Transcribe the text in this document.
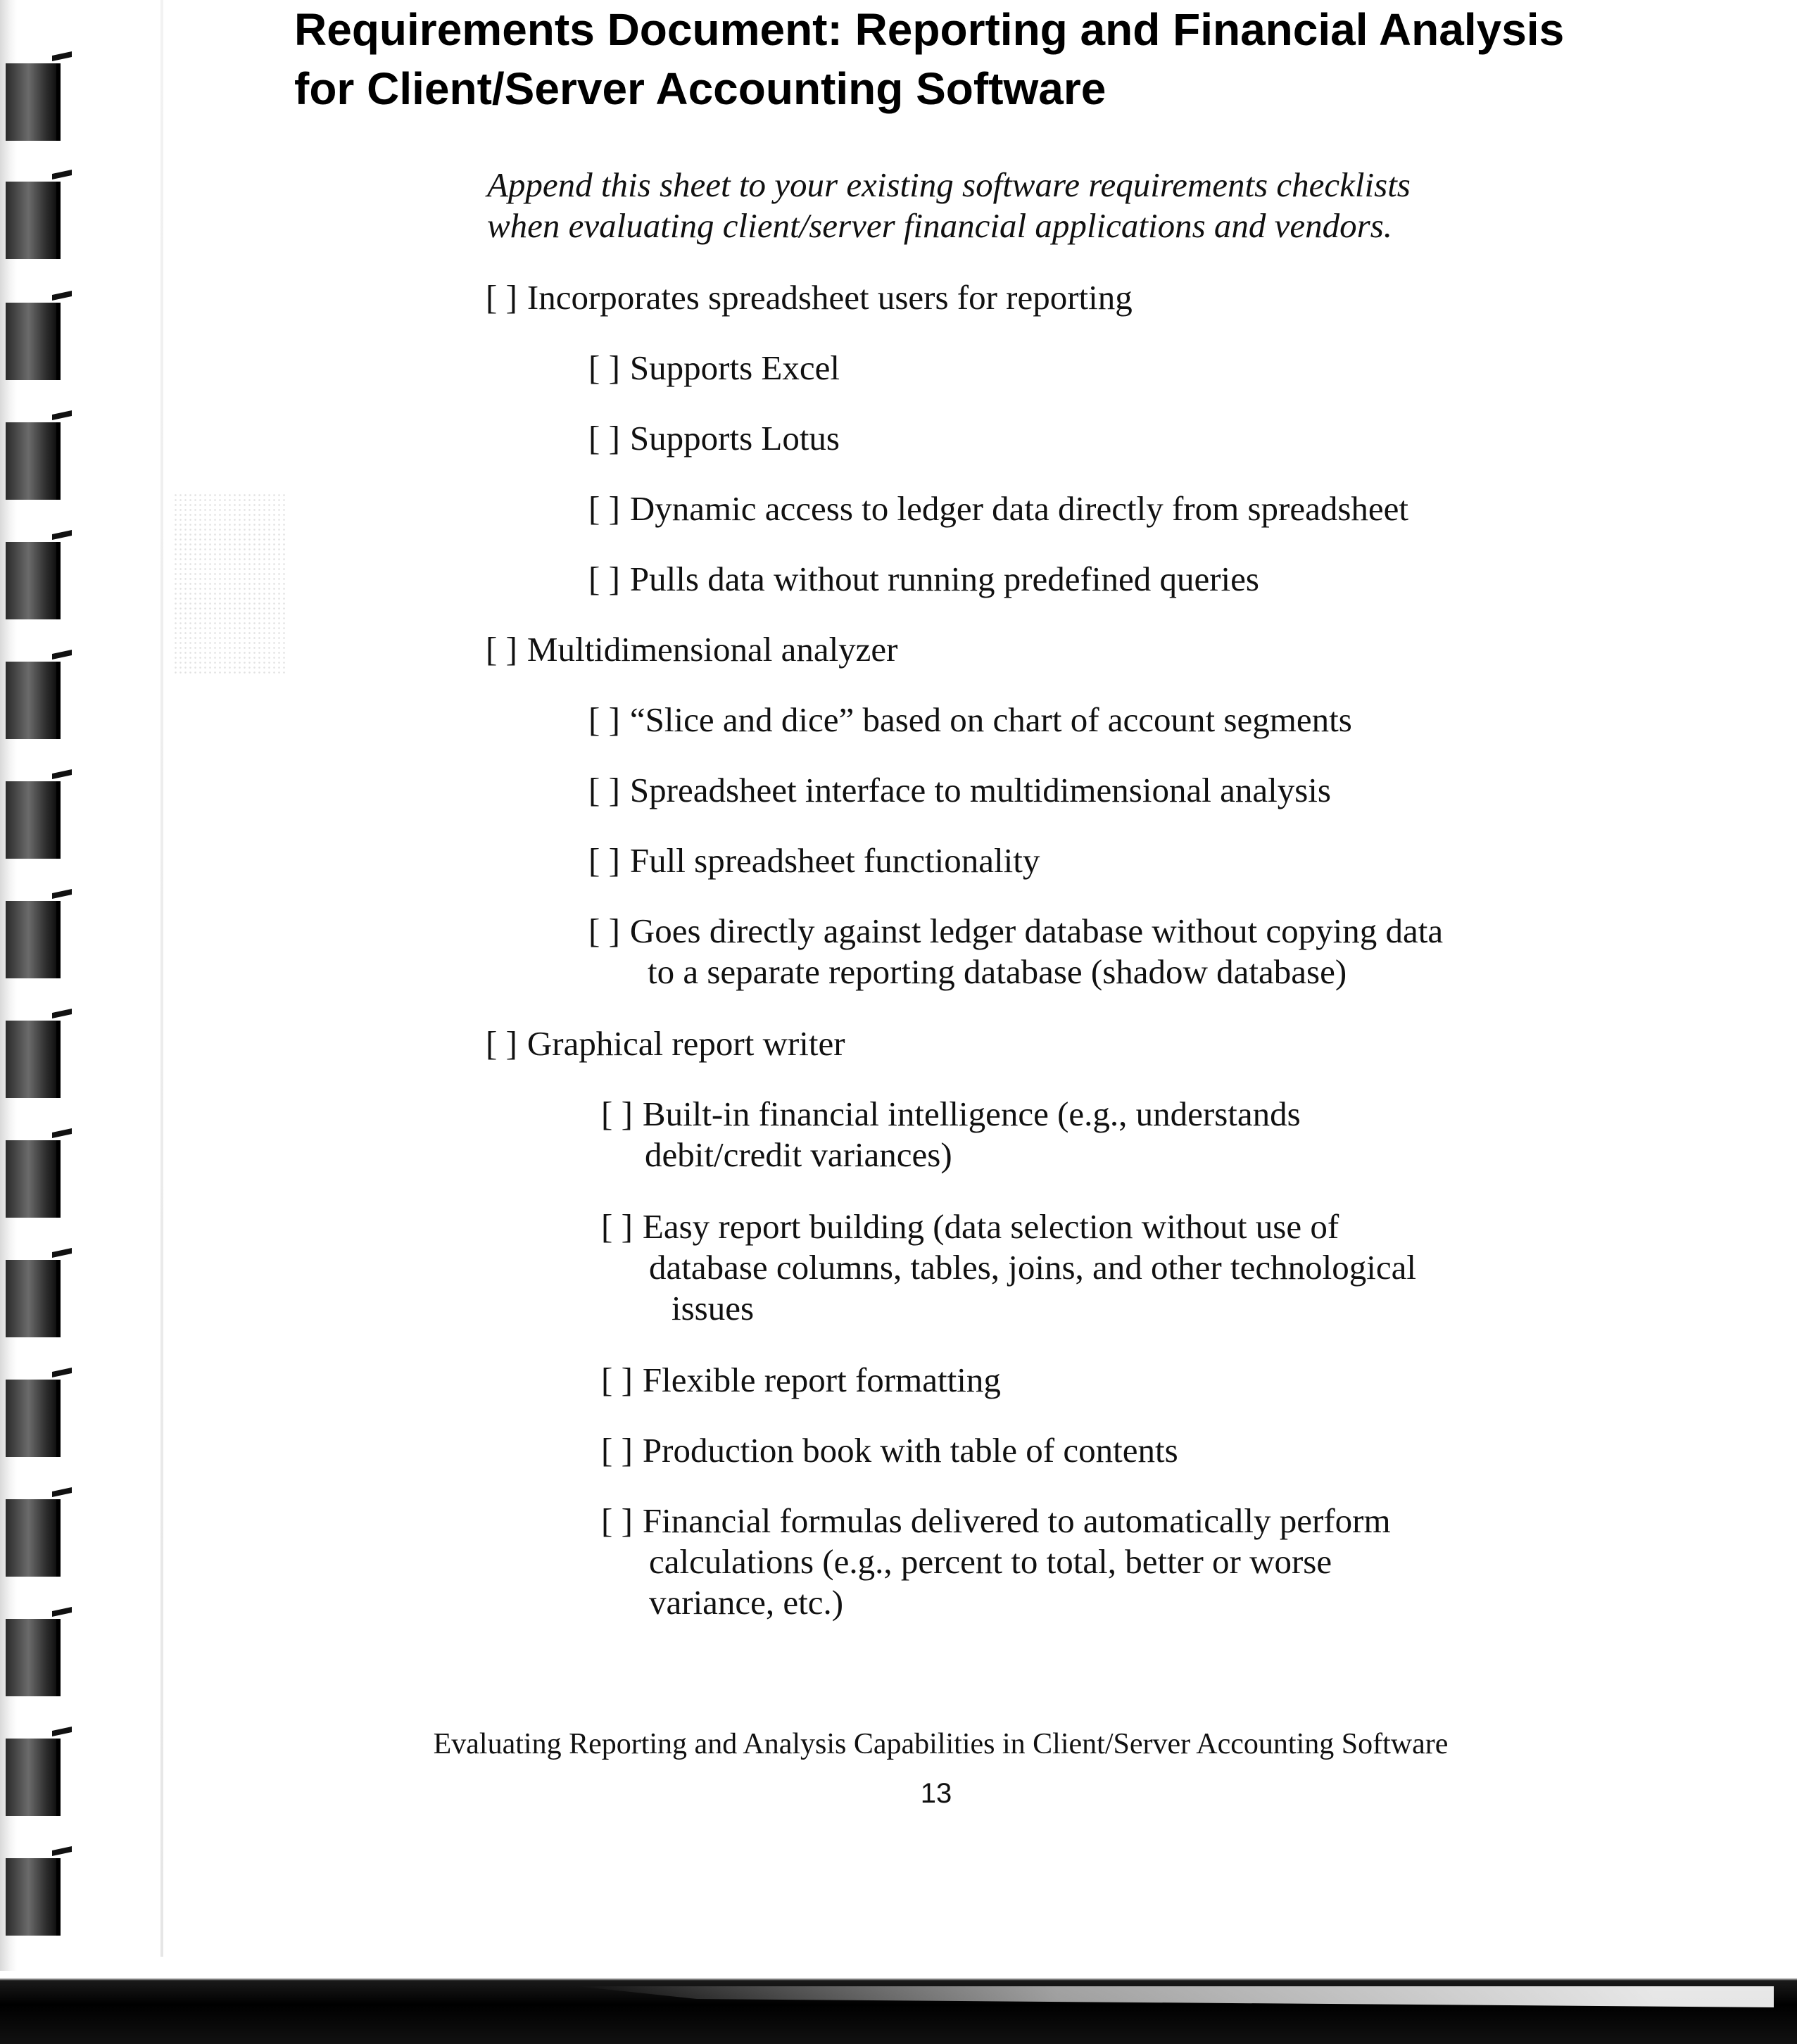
Requirements Document: Reporting and Financial Analysis
for Client/Server Accounting Software
Append this sheet to your existing software requirements checklists
when evaluating client/server financial applications and vendors.
[ ] Incorporates spreadsheet users for reporting
[ ] Supports Excel
[ ] Supports Lotus
[ ] Dynamic access to ledger data directly from spreadsheet
[ ] Pulls data without running predefined queries
[ ] Multidimensional analyzer
[ ] “Slice and dice” based on chart of account segments
[ ] Spreadsheet interface to multidimensional analysis
[ ] Full spreadsheet functionality
[ ] Goes directly against ledger database without copying data
to a separate reporting database (shadow database)
[ ] Graphical report writer
[ ] Built-in financial intelligence (e.g., understands
debit/credit variances)
[ ] Easy report building (data selection without use of
database columns, tables, joins, and other technological
issues
[ ] Flexible report formatting
[ ] Production book with table of contents
[ ] Financial formulas delivered to automatically perform
calculations (e.g., percent to total, better or worse
variance, etc.)
Evaluating Reporting and Analysis Capabilities in Client/Server Accounting Software
13
